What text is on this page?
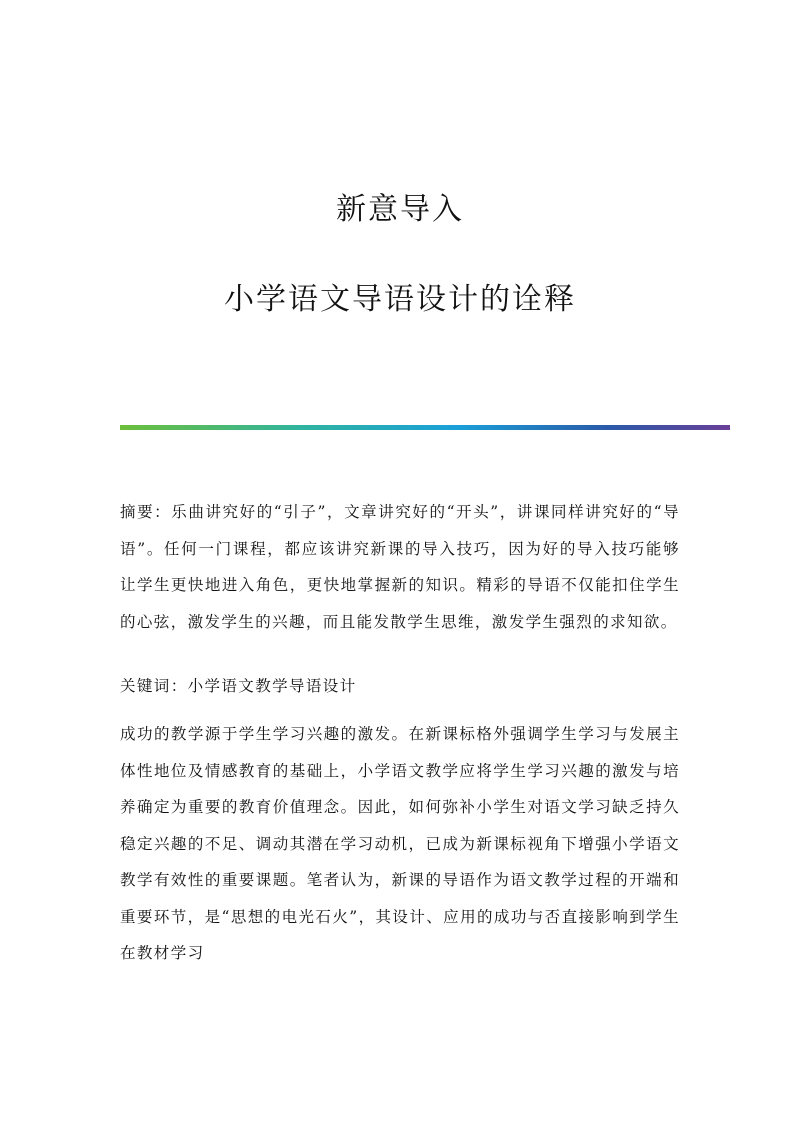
新意导入
小学语文导语设计的诠释

摘要：乐曲讲究好的“引子”，文章讲究好的“开头”，讲课同样讲究好的“导语”。任何一门课程，都应该讲究新课的导入技巧，因为好的导入技巧能够让学生更快地进入角色，更快地掌握新的知识。精彩的导语不仅能扣住学生的心弦，激发学生的兴趣，而且能发散学生思维，激发学生强烈的求知欲。

关键词：小学语文教学导语设计

成功的教学源于学生学习兴趣的激发。在新课标格外强调学生学习与发展主体性地位及情感教育的基础上，小学语文教学应将学生学习兴趣的激发与培养确定为重要的教育价值理念。因此，如何弥补小学生对语文学习缺乏持久稳定兴趣的不足、调动其潜在学习动机，已成为新课标视角下增强小学语文教学有效性的重要课题。笔者认为，新课的导语作为语文教学过程的开端和重要环节，是“思想的电光石火”，其设计、应用的成功与否直接影响到学生在教材学习
